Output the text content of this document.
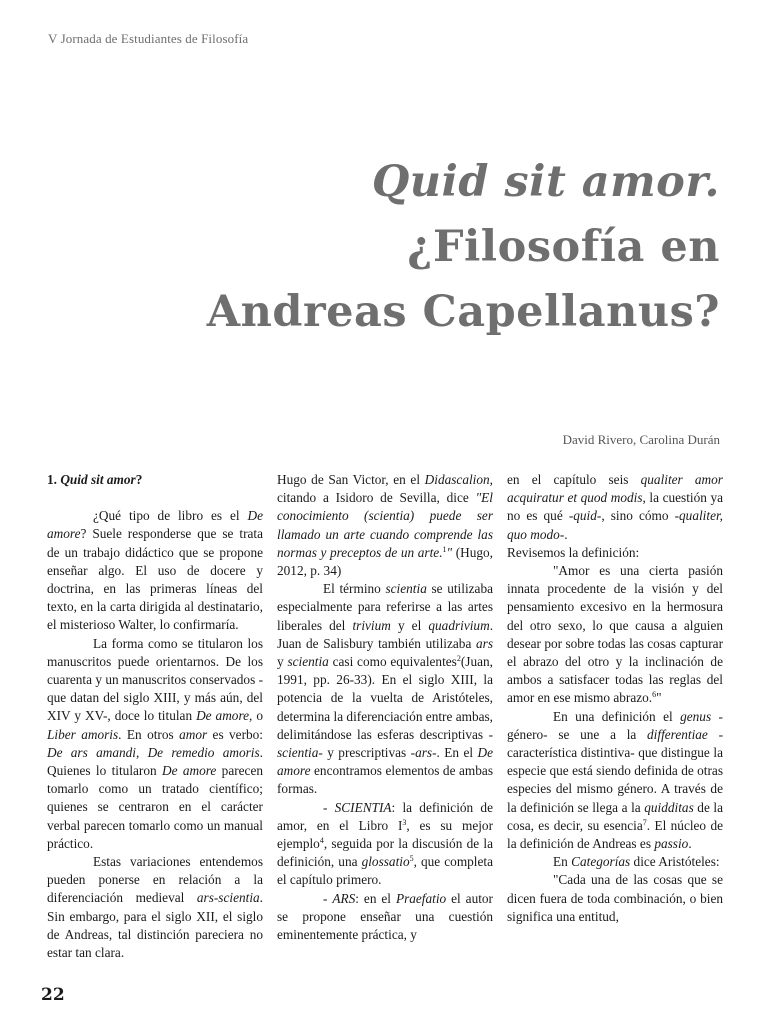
V Jornada de Estudiantes de Filosofía
Quid sit amor.
¿Filosofía en
Andreas Capellanus?
David Rivero, Carolina Durán

1. Quid sit amor?

¿Qué tipo de libro es el De amore? Suele responderse que se trata de un trabajo didáctico que se propone enseñar algo. El uso de docere y doctrina, en las primeras líneas del texto, en la carta dirigida al destinatario, el misterioso Walter, lo confirmaría.

La forma como se titularon los manuscritos puede orientarnos. De los cuarenta y un manuscritos conservados -que datan del siglo XIII, y más aún, del XIV y XV-, doce lo titulan De amore, o Liber amoris. En otros amor es verbo: De ars amandi, De remedio amoris. Quienes lo titularon De amore parecen tomarlo como un tratado científico; quienes se centraron en el carácter verbal parecen tomarlo como un manual práctico.

Estas variaciones entendemos pueden ponerse en relación a la diferenciación medieval ars-scientia. Sin embargo, para el siglo XII, el siglo de Andreas, tal distinción pareciera no estar tan clara.

Hugo de San Victor, en el Didascalion, citando a Isidoro de Sevilla, dice "El conocimiento (scientia) puede ser llamado un arte cuando comprende las normas y preceptos de un arte.$^1$" (Hugo, 2012, p. 34)

El término scientia se utilizaba especialmente para referirse a las artes liberales del trivium y el quadrivium. Juan de Salisbury también utilizaba ars y scientia casi como equivalentes$^2$(Juan, 1991, pp. 26-33). En el siglo XIII, la potencia de la vuelta de Aristóteles, determina la diferenciación entre ambas, delimitándose las esferas descriptivas -scientia- y prescriptivas -ars-. En el De amore encontramos elementos de ambas formas.

- SCIENTIA: la definición de amor, en el Libro $I^3$, es su mejor ejemplo$^4$, seguida por la discusión de la definición, una glossatio$^5$, que completa el capítulo primero.

- ARS: en el Praefatio el autor se propone enseñar una cuestión eminentemente práctica, y

en el capítulo seis qualiter amor acquiratur et quod modis, la cuestión ya no es qué -quid-, sino cómo -qualiter, quo modo-.

Revisemos la definición:

"Amor es una cierta pasión innata procedente de la visión y del pensamiento excesivo en la hermosura del otro sexo, lo que causa a alguien desear por sobre todas las cosas capturar el abrazo del otro y la inclinación de ambos a satisfacer todas las reglas del amor en ese mismo abrazo.$^6$"

En una definición el genus -género- se une a la differentiae -característica distintiva- que distingue la especie que está siendo definida de otras especies del mismo género. A través de la definición se llega a la quidditas de la cosa, es decir, su esencia$^7$. El núcleo de la definición de Andreas es passio.

En Categorías dice Aristóteles:

"Cada una de las cosas que se dicen fuera de toda combinación, o bien significa una entitud,

22
